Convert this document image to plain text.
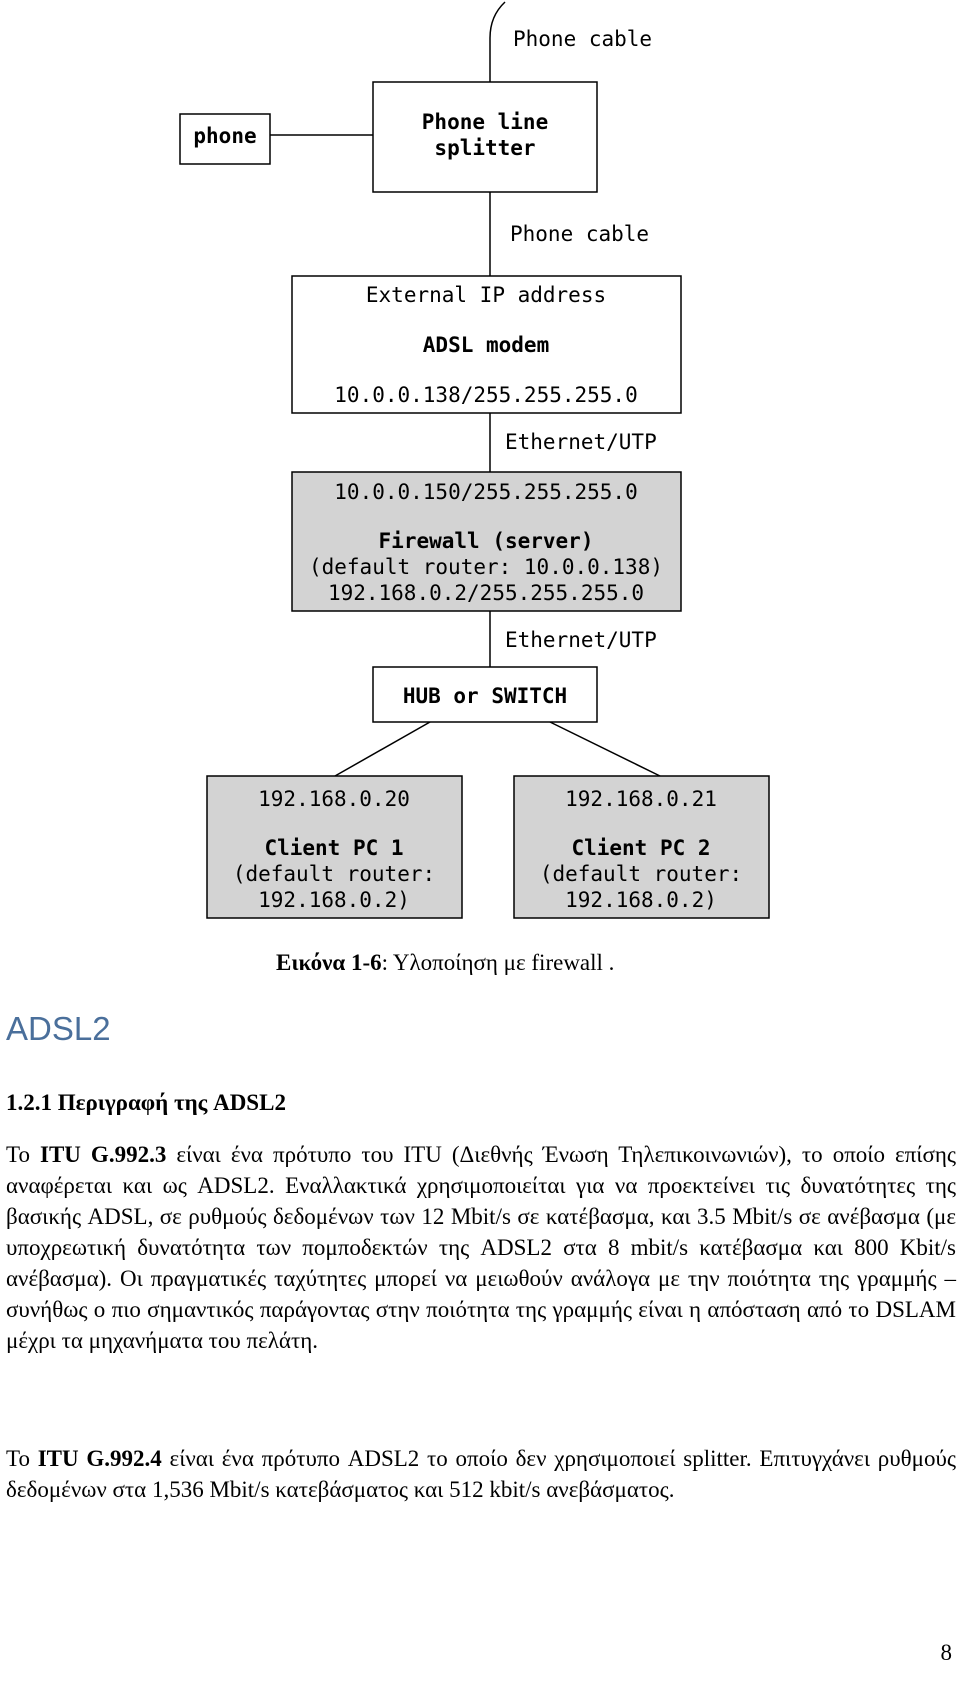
Phone cable
Phone cable
Ethernet/UTP
Ethernet/UTP
phone
Phone line
splitter
External IP address
ADSL modem
10.0.0.138/255.255.255.0
10.0.0.150/255.255.255.0
Firewall (server)
(default router: 10.0.0.138)
192.168.0.2/255.255.255.0
HUB or SWITCH
192.168.0.20
Client PC 1
(default router:
192.168.0.2)
192.168.0.21
Client PC 2
(default router:
192.168.0.2)
Εικόνα 1-6: Υλοποίηση με firewall .
ADSL2
1.2.1 Περιγραφή της ADSL2

Το ITU G.992.3 είναι ένα πρότυπο του ITU (Διεθνής Ένωση Τηλεπικοινωνιών), το οποίο επίσης αναφέρεται και ως ADSL2. Εναλλακτικά χρησιμοποιείται για να προεκτείνει τις δυνατότητες της βασικής ADSL, σε ρυθμούς δεδομένων των 12 Mbit/s σε κατέβασμα, και 3.5 Mbit/s σε ανέβασμα (με υποχρεωτική δυνατότητα των πομποδεκτών της ADSL2 στα 8 mbit/s κατέβασμα και 800 Kbit/s ανέβασμα). Οι πραγματικές ταχύτητες μπορεί να μειωθούν ανάλογα με την ποιότητα της γραμμής – συνήθως ο πιο σημαντικός παράγοντας στην ποιότητα της γραμμής είναι η απόσταση από το DSLAM μέχρι τα μηχανήματα του πελάτη.

Το ITU G.992.4 είναι ένα πρότυπο ADSL2 το οποίο δεν χρησιμοποιεί splitter. Επιτυγχάνει ρυθμούς δεδομένων στα 1,536 Mbit/s κατεβάσματος και 512 kbit/s ανεβάσματος.

8
